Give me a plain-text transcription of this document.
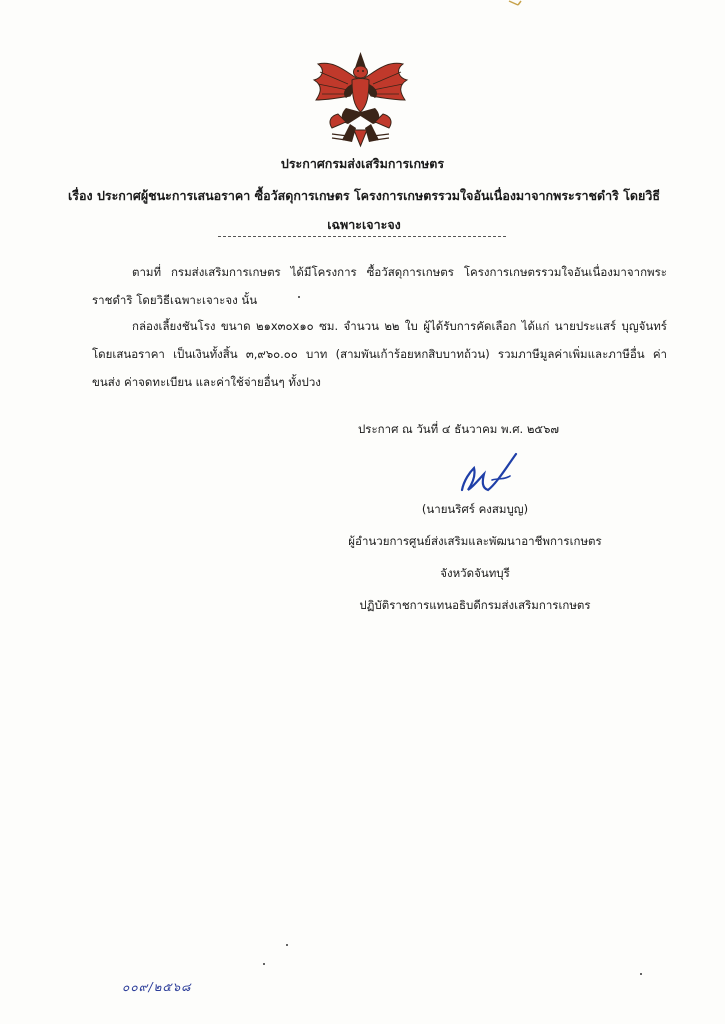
ประกาศกรมส่งเสริมการเกษตร

เรื่อง ประกาศผู้ชนะการเสนอราคา ซื้อวัสดุการเกษตร โครงการเกษตรรวมใจอันเนื่องมาจากพระราชดำริ โดยวิธีเฉพาะเจาะจง

ตามที่ กรมส่งเสริมการเกษตร ได้มีโครงการ ซื้อวัสดุการเกษตร โครงการเกษตรรวมใจอันเนื่องมาจากพระราชดำริ โดยวิธีเฉพาะเจาะจง นั้น

กล่องเลี้ยงชันโรง ขนาด ๒๑x๓๐x๑๐ ซม. จำนวน ๒๒ ใบ ผู้ได้รับการคัดเลือก ได้แก่ นายประแสร์ บุญจันทร์ โดยเสนอราคา เป็นเงินทั้งสิ้น ๓,๙๖๐.๐๐ บาท (สามพันเก้าร้อยหกสิบบาทถ้วน) รวมภาษีมูลค่าเพิ่มและภาษีอื่น ค่าขนส่ง ค่าจดทะเบียน และค่าใช้จ่ายอื่นๆ ทั้งปวง

ประกาศ ณ วันที่ ๔ ธันวาคม พ.ศ. ๒๕๖๗

(นายนริศร์ คงสมบูญ)

ผู้อำนวยการศูนย์ส่งเสริมและพัฒนาอาชีพการเกษตร

จังหวัดจันทบุรี

ปฏิบัติราชการแทนอธิบดีกรมส่งเสริมการเกษตร

๐๐๙/๒๕๖๘
